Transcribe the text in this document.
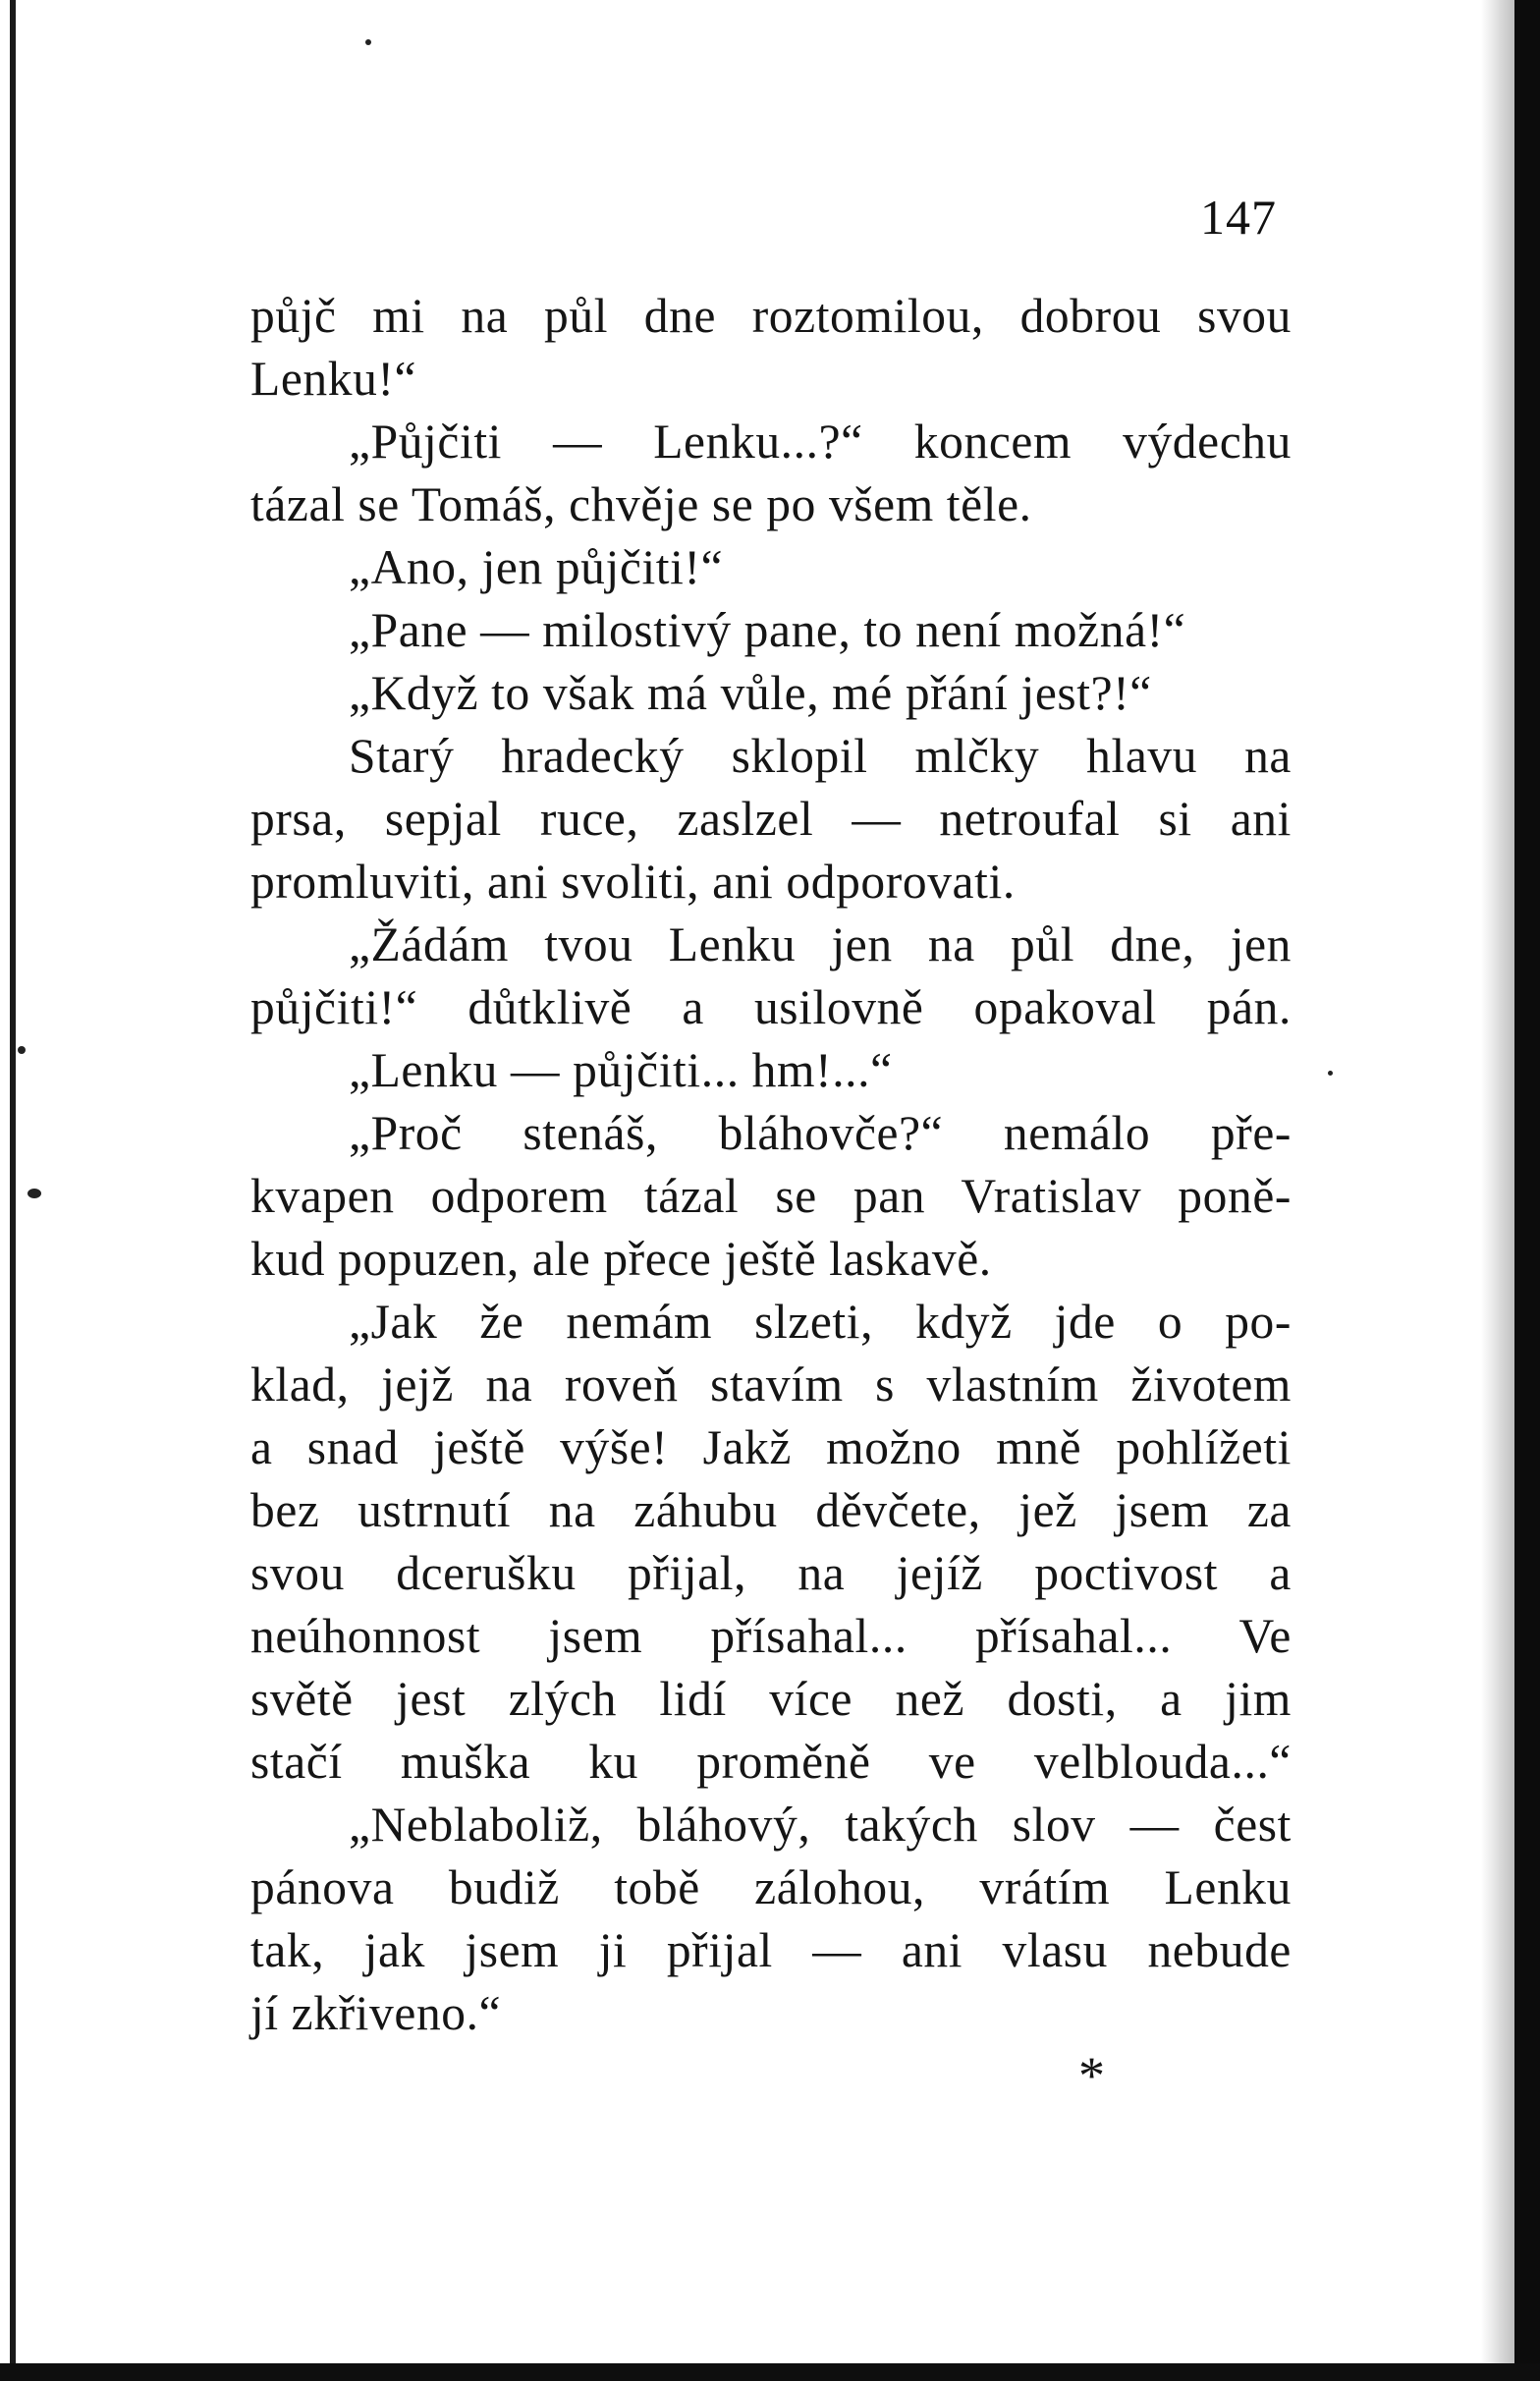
147
půjč mi na půl dne roztomilou, dobrou svou
Lenku!“
„Půjčiti — Lenku...?“ koncem výdechu
tázal se Tomáš, chvěje se po všem těle.
„Ano, jen půjčiti!“
„Pane — milostivý pane, to není možná!“
„Když to však má vůle, mé přání jest?!“
Starý hradecký sklopil mlčky hlavu na
prsa, sepjal ruce, zaslzel — netroufal si ani
promluviti, ani svoliti, ani odporovati.
„Žádám tvou Lenku jen na půl dne, jen
půjčiti!“ důtklivě a usilovně opakoval pán.
„Lenku — půjčiti... hm!...“
„Proč stenáš, bláhovče?“ nemálo pře-
kvapen odporem tázal se pan Vratislav poně-
kud popuzen, ale přece ještě laskavě.
„Jak že nemám slzeti, když jde o po-
klad, jejž na roveň stavím s vlastním životem
a snad ještě výše! Jakž možno mně pohlížeti
bez ustrnutí na záhubu děvčete, jež jsem za
svou dcerušku přijal, na jejíž poctivost a
neúhonnost jsem přísahal... přísahal... Ve
světě jest zlých lidí více než dosti, a jim
stačí muška ku proměně ve velblouda...“
„Neblaboliž, bláhový, takých slov — čest
pánova budiž tobě zálohou, vrátím Lenku
tak, jak jsem ji přijal — ani vlasu nebude
jí zkřiveno.“
*
